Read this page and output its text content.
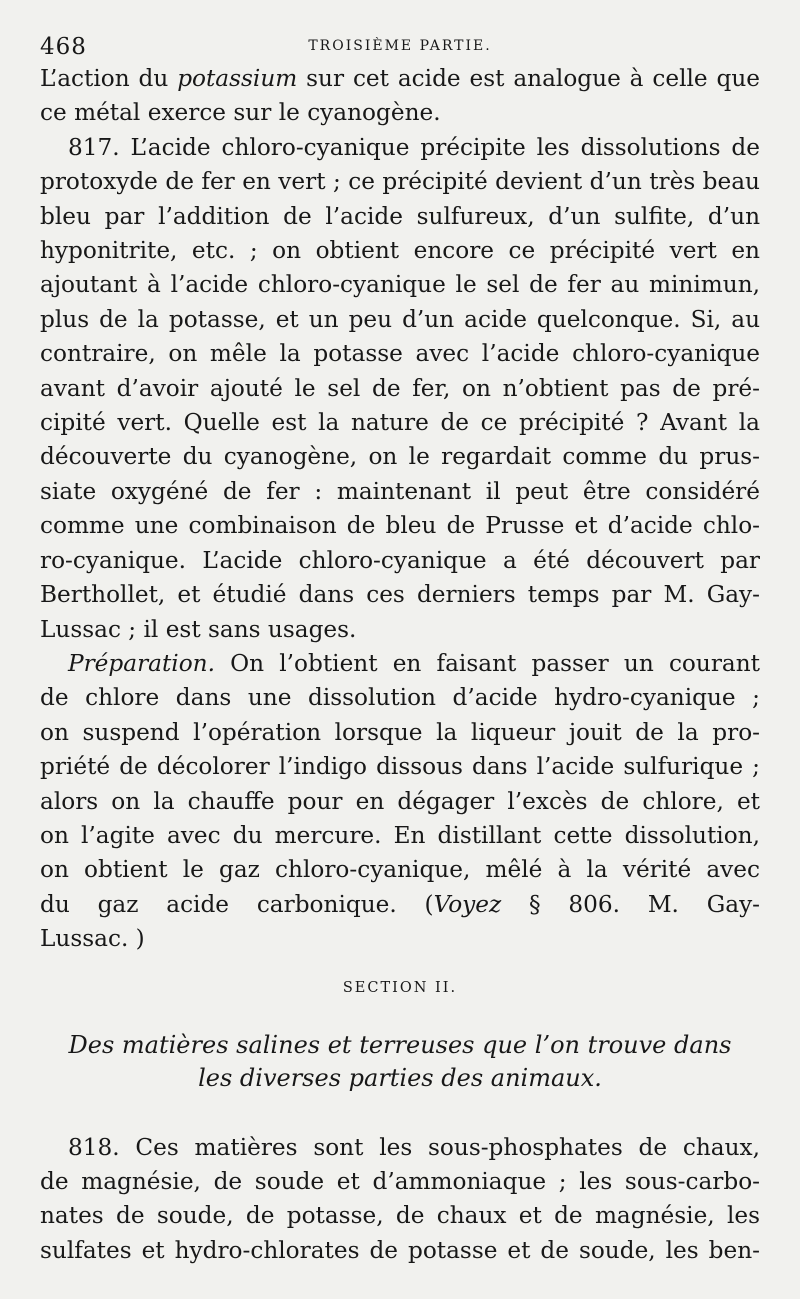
468	TROISIÈME PARTIE.
L’action du potassium sur cet acide est analogue à celle que
ce métal exerce sur le cyanogène.
817. L’acide chloro-cyanique précipite les dissolutions de
protoxyde de fer en vert ; ce précipité devient d’un très beau
bleu par l’addition de l’acide sulfureux, d’un sulfite, d’un
hyponitrite, etc. ; on obtient encore ce précipité vert en
ajoutant à l’acide chloro-cyanique le sel de fer au minimun,
plus de la potasse, et un peu d’un acide quelconque. Si, au
contraire, on mêle la potasse avec l’acide chloro-cyanique
avant d’avoir ajouté le sel de fer, on n’obtient pas de pré-
cipité vert. Quelle est la nature de ce précipité ? Avant la
découverte du cyanogène, on le regardait comme du prus-
siate oxygéné de fer : maintenant il peut être considéré
comme une combinaison de bleu de Prusse et d’acide chlo-
ro-cyanique. L’acide chloro-cyanique a été découvert par
Berthollet, et étudié dans ces derniers temps par M. Gay-
Lussac ; il est sans usages.
Préparation. On l’obtient en faisant passer un courant
de chlore dans une dissolution d’acide hydro-cyanique ;
on suspend l’opération lorsque la liqueur jouit de la pro-
priété de décolorer l’indigo dissous dans l’acide sulfurique ;
alors on la chauffe pour en dégager l’excès de chlore, et
on l’agite avec du mercure. En distillant cette dissolution,
on obtient le gaz chloro-cyanique, mêlé à la vérité avec
du gaz acide carbonique. (Voyez § 806. M. Gay-
Lussac. )
SECTION II.
Des matières salines et terreuses que l’on trouve dans
les diverses parties des animaux.
818. Ces matières sont les sous-phosphates de chaux,
de magnésie, de soude et d’ammoniaque ; les sous-carbo-
nates de soude, de potasse, de chaux et de magnésie, les
sulfates et hydro-chlorates de potasse et de soude, les ben-
